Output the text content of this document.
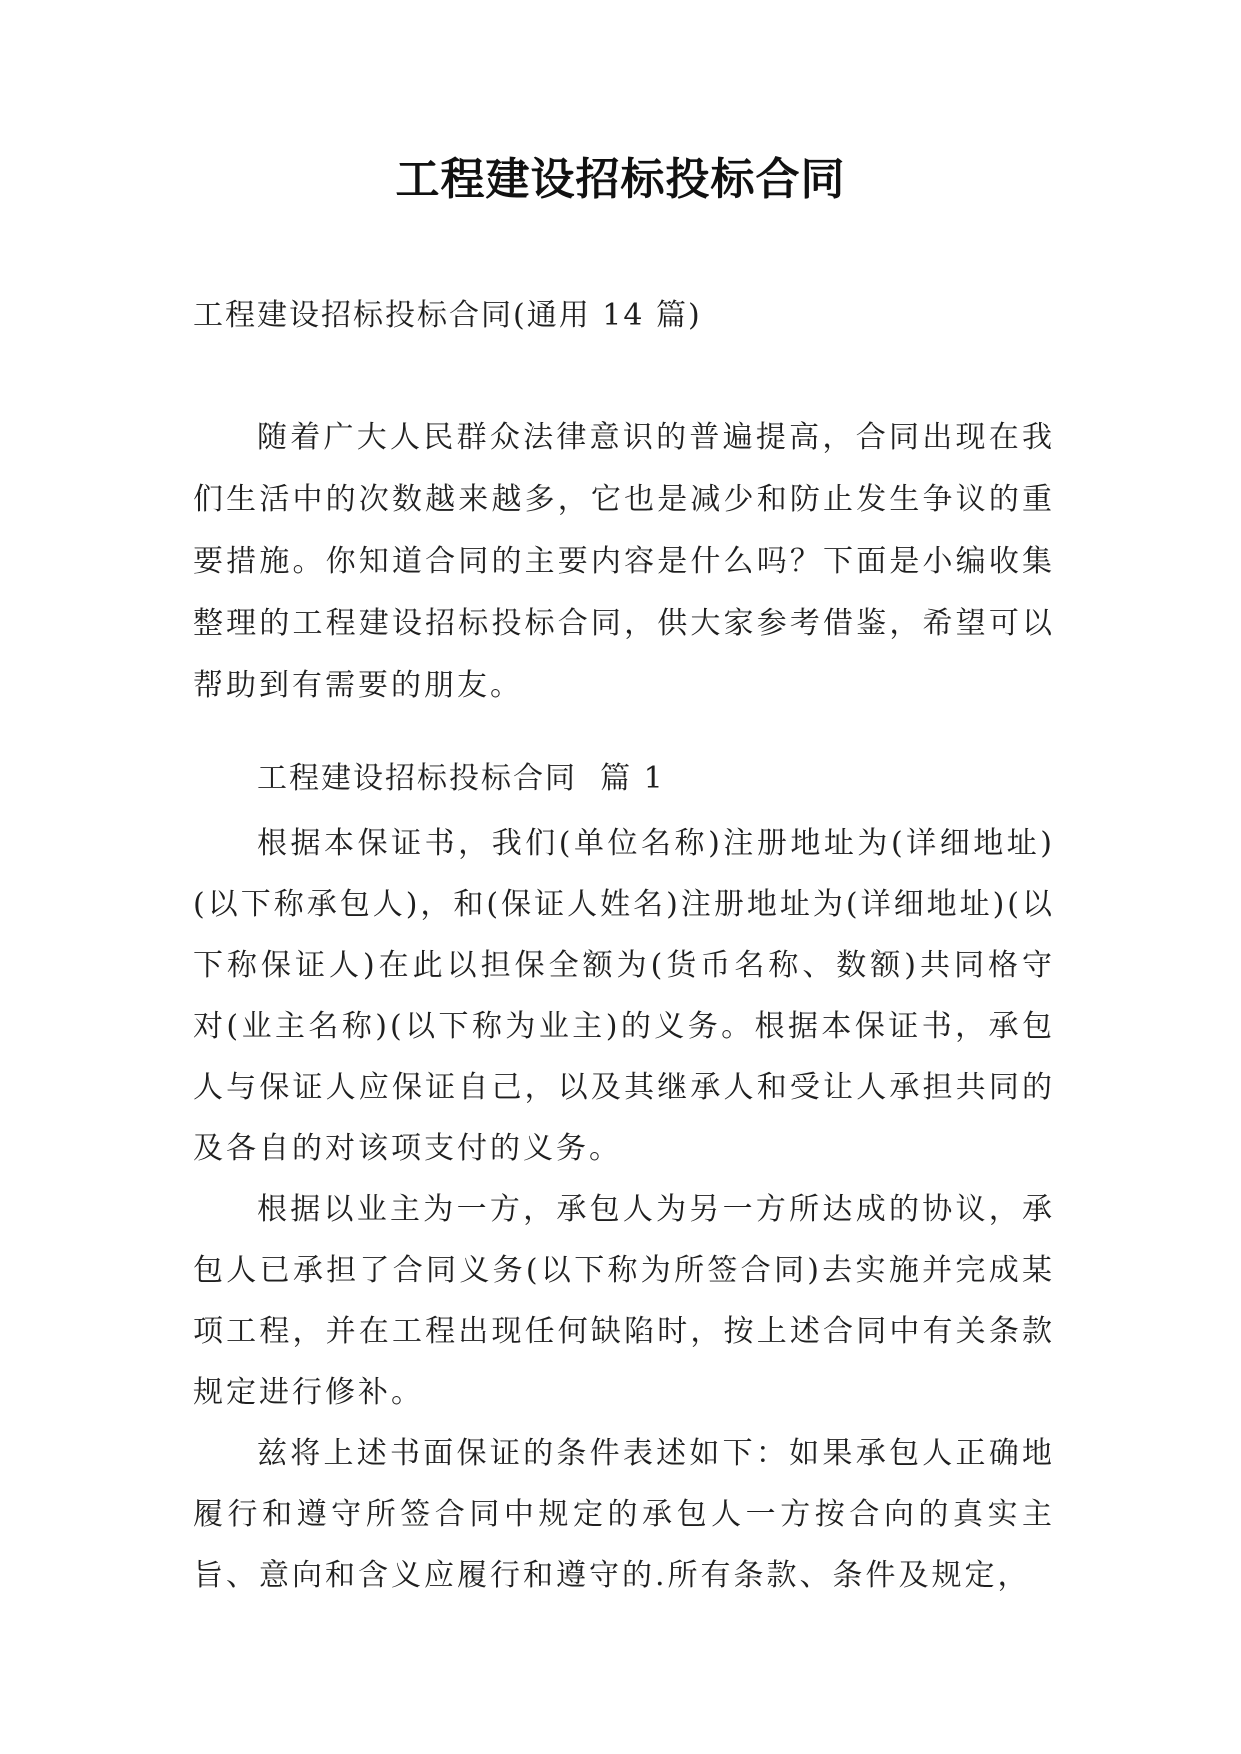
工程建设招标投标合同
工程建设招标投标合同(通用 14 篇)

随着广大人民群众法律意识的普遍提高，合同出现在我们生活中的次数越来越多，它也是减少和防止发生争议的重要措施。你知道合同的主要内容是什么吗？下面是小编收集整理的工程建设招标投标合同，供大家参考借鉴，希望可以帮助到有需要的朋友。

工程建设招标投标合同  篇 1

根据本保证书，我们(单位名称)注册地址为(详细地址)(以下称承包人)，和(保证人姓名)注册地址为(详细地址)(以下称保证人)在此以担保全额为(货币名称、数额)共同格守对(业主名称)(以下称为业主)的义务。根据本保证书，承包人与保证人应保证自己，以及其继承人和受让人承担共同的及各自的对该项支付的义务。

根据以业主为一方，承包人为另一方所达成的协议，承包人已承担了合同义务(以下称为所签合同)去实施并完成某项工程，并在工程出现任何缺陷时，按上述合同中有关条款规定进行修补。

兹将上述书面保证的条件表述如下：如果承包人正确地履行和遵守所签合同中规定的承包人一方按合向的真实主旨、意向和含义应履行和遵守的.所有条款、条件及规定，
